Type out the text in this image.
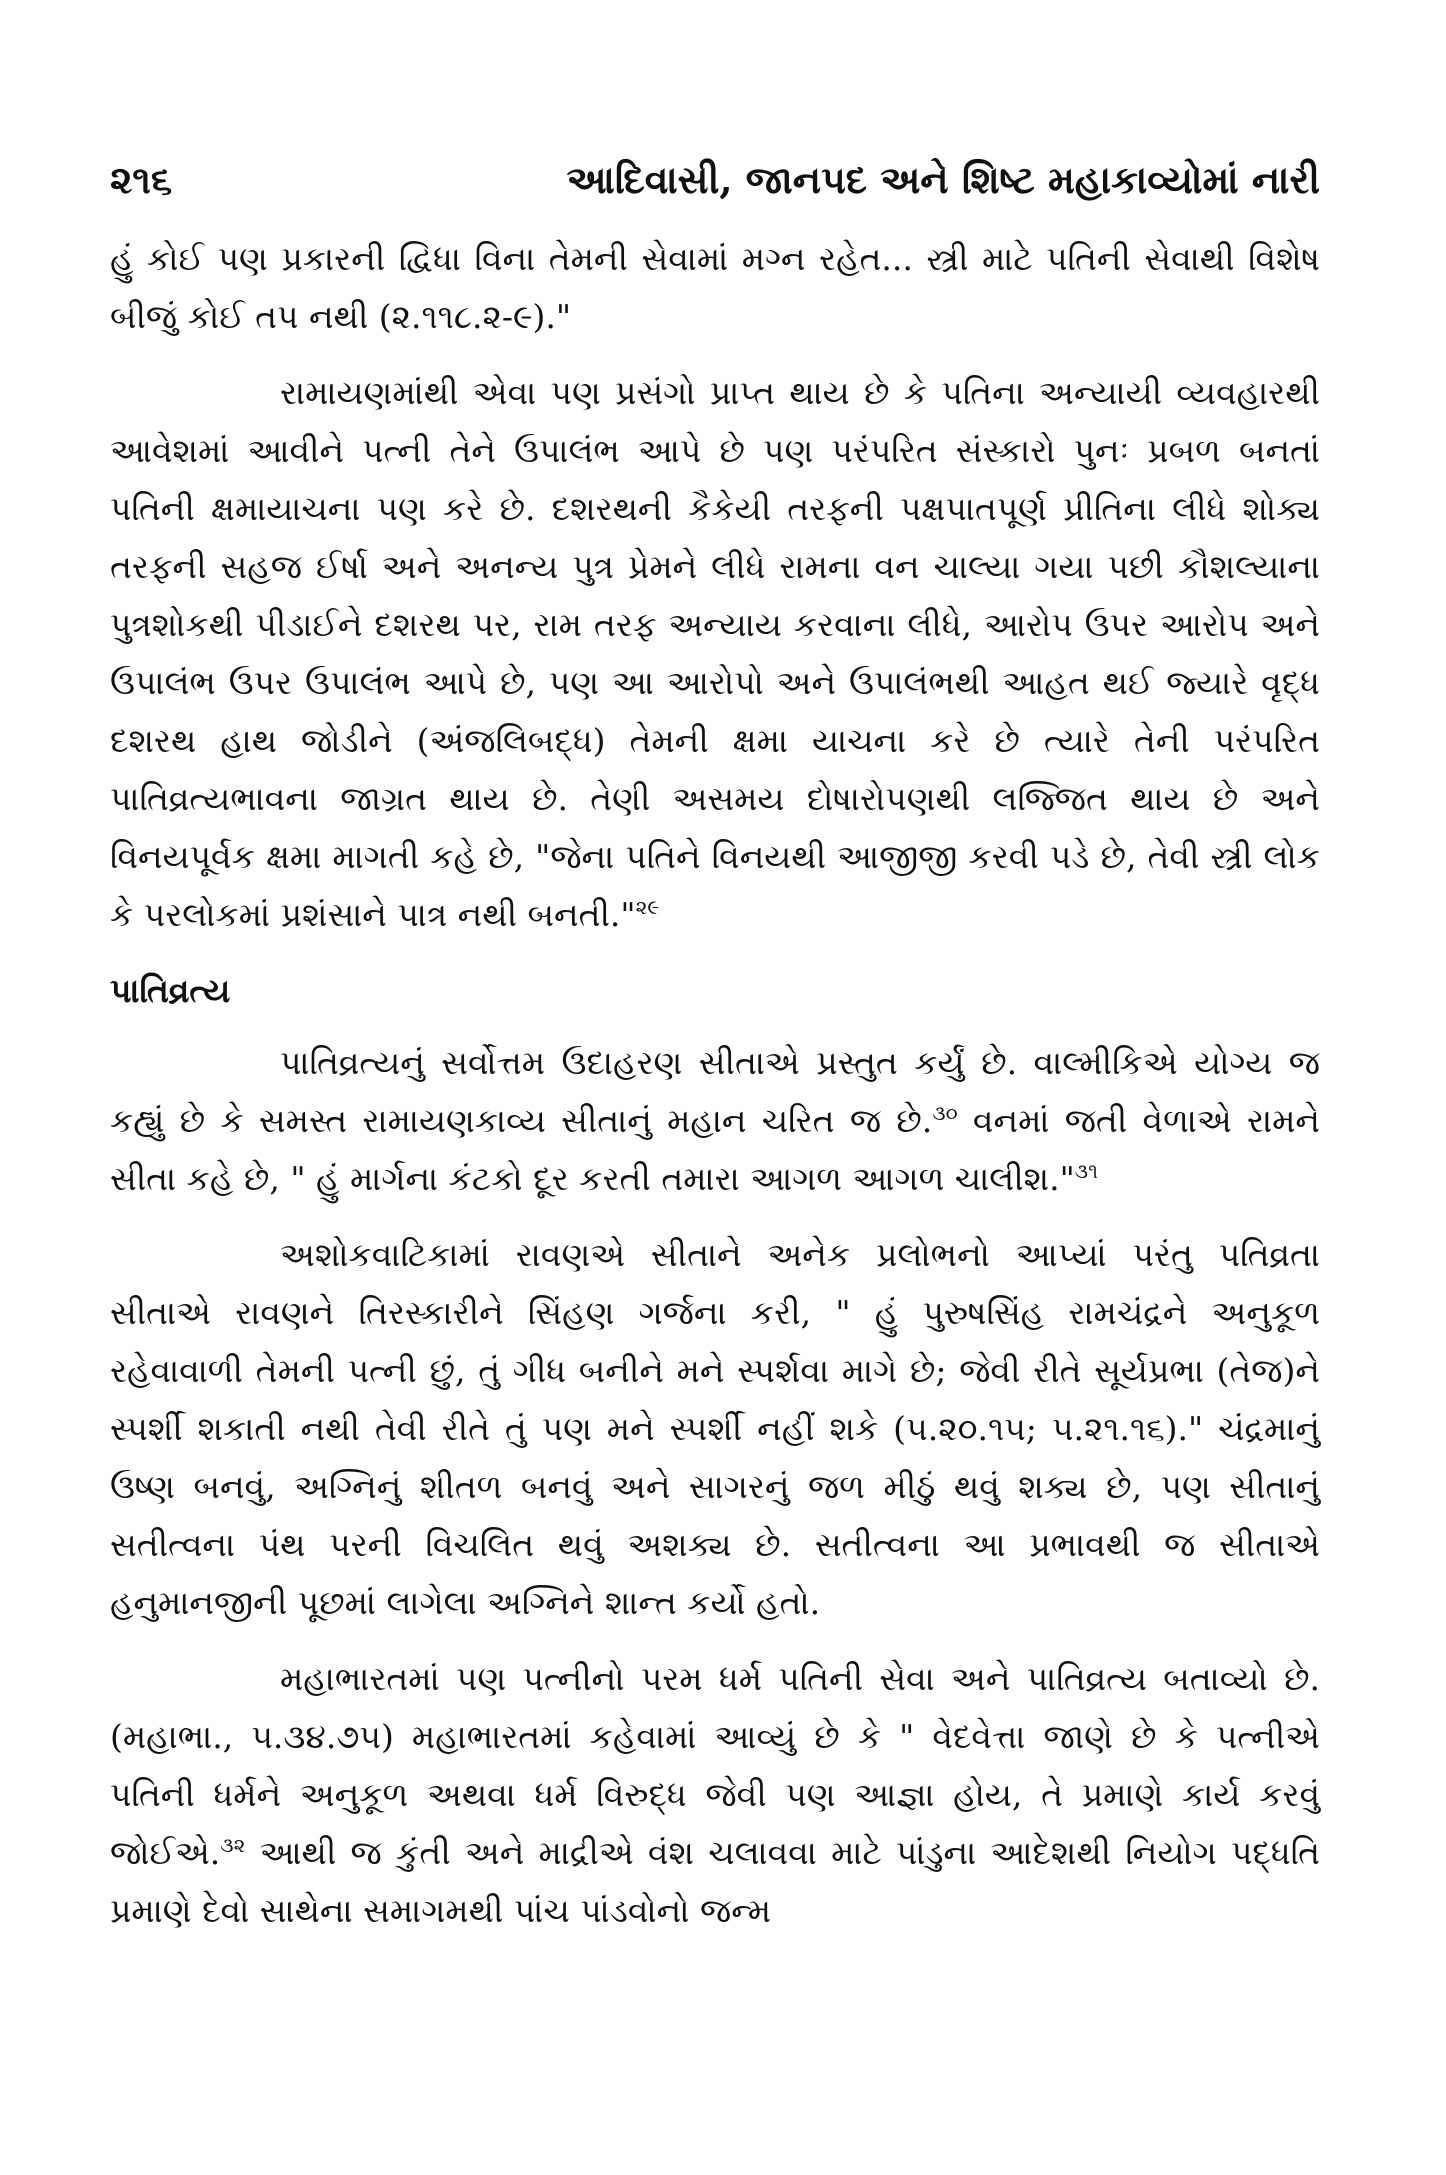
૨૧૬	આદિવાસી, જાનપદ અને શિષ્ટ મહાકાવ્યોમાં નારી

હું કોઈ પણ પ્રકારની દ્વિધા વિના તેમની સેવામાં મગ્ન રહેત... સ્ત્રી માટે પતિની સેવાથી વિશેષ બીજું કોઈ તપ નથી (૨.૧૧૮.૨-૯)."

રામાયણમાંથી એવા પણ પ્રસંગો પ્રાપ્ત થાય છે કે પતિના અન્યાયી વ્યવહારથી આવેશમાં આવીને પત્ની તેને ઉપાલંભ આપે છે પણ પરંપરિત સંસ્કારો પુનઃ પ્રબળ બનતાં પતિની ક્ષમાયાચના પણ કરે છે. દશરથની કૈકેયી તરફની પક્ષપાતપૂર્ણ પ્રીતિના લીધે શોક્ય તરફની સહજ ઈર્ષા અને અનન્ય પુત્ર પ્રેમને લીધે રામના વન ચાલ્યા ગયા પછી કૌશલ્યાના પુત્રશોકથી પીડાઈને દશરથ પર, રામ તરફ અન્યાય કરવાના લીધે, આરોપ ઉપર આરોપ અને ઉપાલંભ ઉપર ઉપાલંભ આપે છે, પણ આ આરોપો અને ઉપાલંભથી આહત થઈ જ્યારે વૃદ્ધ દશરથ હાથ જોડીને (અંજલિબદ્ધ) તેમની ક્ષમા યાચના કરે છે ત્યારે તેની પરંપરિત પાતિવ્રત્યભાવના જાગ્રત થાય છે. તેણી અસમય દોષારોપણથી લજ્જિત થાય છે અને વિનયપૂર્વક ક્ષમા માગતી કહે છે, "જેના પતિને વિનયથી આજીજી કરવી પડે છે, તેવી સ્ત્રી લોક કે પરલોકમાં પ્રશંસાને પાત્ર નથી બનતી."$^{૨૯}$

પાતિવ્રત્ય

પાતિવ્રત્યનું સર્વોત્તમ ઉદાહરણ સીતાએ પ્રસ્તુત કર્યું છે. વાલ્મીકિએ યોગ્ય જ કહ્યું છે કે સમસ્ત રામાયણકાવ્ય સીતાનું મહાન ચરિત જ છે.$^{૩૦}$ વનમાં જતી વેળાએ રામને સીતા કહે છે, " હું માર્ગના કંટકો દૂર કરતી તમારા આગળ આગળ ચાલીશ."$^{૩૧}$

અશોકવાટિકામાં રાવણએ સીતાને અનેક પ્રલોભનો આપ્યાં પરંતુ પતિવ્રતા સીતાએ રાવણને તિરસ્કારીને સિંહણ ગર્જના કરી, " હું પુરુષસિંહ રામચંદ્રને અનુકૂળ રહેવાવાળી તેમની પત્ની છું, તું ગીધ બનીને મને સ્પર્શવા માગે છે; જેવી રીતે સૂર્યપ્રભા (તેજ)ને સ્પર્શી શકાતી નથી તેવી રીતે તું પણ મને સ્પર્શી નહીં શકે (૫.૨૦.૧૫; ૫.૨૧.૧૬)." ચંદ્રમાનું ઉષ્ણ બનવું, અગ્નિનું શીતળ બનવું અને સાગરનું જળ મીઠું થવું શક્ય છે, પણ સીતાનું સતીત્વના પંથ પરની વિચલિત થવું અશક્ય છે. સતીત્વના આ પ્રભાવથી જ સીતાએ હનુમાનજીની પૂછમાં લાગેલા અગ્નિને શાન્ત કર્યો હતો.

મહાભારતમાં પણ પત્નીનો પરમ ધર્મ પતિની સેવા અને પાતિવ્રત્ય બતાવ્યો છે. (મહાભા., ૫.૩૪.૭૫) મહાભારતમાં કહેવામાં આવ્યું છે કે " વેદવેત્તા જાણે છે કે પત્નીએ પતિની ધર્મને અનુકૂળ અથવા ધર્મ વિરુદ્ધ જેવી પણ આજ્ઞા હોય, તે પ્રમાણે કાર્ય કરવું જોઈએ.$^{૩૨}$ આથી જ કુંતી અને માદ્રીએ વંશ ચલાવવા માટે પાંડુના આદેશથી નિયોગ પદ્ધતિ પ્રમાણે દેવો સાથેના સમાગમથી પાંચ પાંડવોનો જન્મ
